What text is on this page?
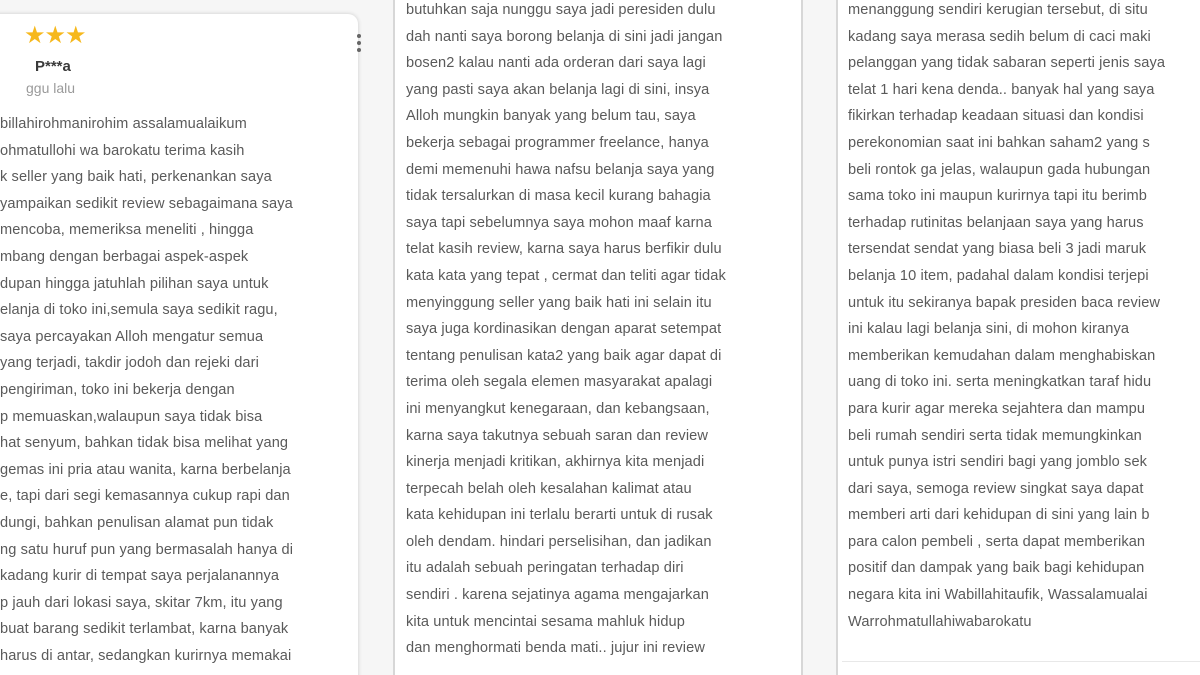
★★★
P***a
ggu lalu
billahirohmanirohim assalamualaikum
ohmatullohi wa barokatu terima kasih
k seller yang baik hati, perkenankan saya
yampaikan sedikit review sebagaimana saya
mencoba, memeriksa meneliti , hingga
mbang dengan berbagai aspek-aspek
dupan hingga jatuhlah pilihan saya untuk
elanja di toko ini,semula saya sedikit ragu,
saya percayakan Alloh mengatur semua
yang terjadi, takdir jodoh dan rejeki dari
pengiriman, toko ini bekerja dengan
p memuaskan,walaupun saya tidak bisa
hat senyum, bahkan tidak bisa melihat yang
gemas ini pria atau wanita, karna berbelanja
e, tapi dari segi kemasannya cukup rapi dan
dungi, bahkan penulisan alamat pun tidak
ng satu huruf pun yang bermasalah hanya di
kadang kurir di tempat saya perjalanannya
p jauh dari lokasi saya, skitar 7km, itu yang
buat barang sedikit terlambat, karna banyak
harus di antar, sedangkan kurirnya memakai
butuhkan saja nunggu saya jadi peresiden dulu
dah nanti saya borong belanja di sini jadi jangan
bosen2 kalau nanti ada orderan dari saya lagi
yang pasti saya akan belanja lagi di sini, insya
Alloh mungkin banyak yang belum tau, saya
bekerja sebagai programmer freelance, hanya
demi memenuhi hawa nafsu belanja saya yang
tidak tersalurkan di masa kecil kurang bahagia
saya tapi sebelumnya saya mohon maaf karna
telat kasih review, karna saya harus berfikir dulu
kata kata yang tepat , cermat dan teliti agar tidak
menyinggung seller yang baik hati ini selain itu
saya juga kordinasikan dengan aparat setempat
tentang penulisan kata2 yang baik agar dapat di
terima oleh segala elemen masyarakat apalagi
ini menyangkut kenegaraan, dan kebangsaan,
karna saya takutnya sebuah saran dan review
kinerja menjadi kritikan, akhirnya kita menjadi
terpecah belah oleh kesalahan kalimat atau
kata kehidupan ini terlalu berarti untuk di rusak
oleh dendam. hindari perselisihan, dan jadikan
itu adalah sebuah peringatan terhadap diri
sendiri . karena sejatinya agama mengajarkan
kita untuk mencintai sesama mahluk hidup
dan menghormati benda mati.. jujur ini review
menanggung sendiri kerugian tersebut, di situ
kadang saya merasa sedih belum di caci maki
pelanggan yang tidak sabaran seperti jenis saya
telat 1 hari kena denda.. banyak hal yang saya
fikirkan terhadap keadaan situasi dan kondisi
perekonomian saat ini bahkan saham2 yang s
beli rontok ga jelas, walaupun gada hubungan
sama toko ini maupun kurirnya tapi itu berimb
terhadap rutinitas belanjaan saya yang harus
tersendat sendat yang biasa beli 3 jadi maruk
belanja 10 item, padahal dalam kondisi terjepi
untuk itu sekiranya bapak presiden baca review
ini kalau lagi belanja sini, di mohon kiranya
memberikan kemudahan dalam menghabiskan
uang di toko ini. serta meningkatkan taraf hidu
para kurir agar mereka sejahtera dan mampu
beli rumah sendiri serta tidak memungkinkan
untuk punya istri sendiri bagi yang jomblo sek
dari saya, semoga review singkat saya dapat
memberi arti dari kehidupan di sini yang lain b
para calon pembeli , serta dapat memberikan
positif dan dampak yang baik bagi kehidupan
negara kita ini Wabillahitaufik, Wassalamualai
Warrohmatullahiwabarokatu
